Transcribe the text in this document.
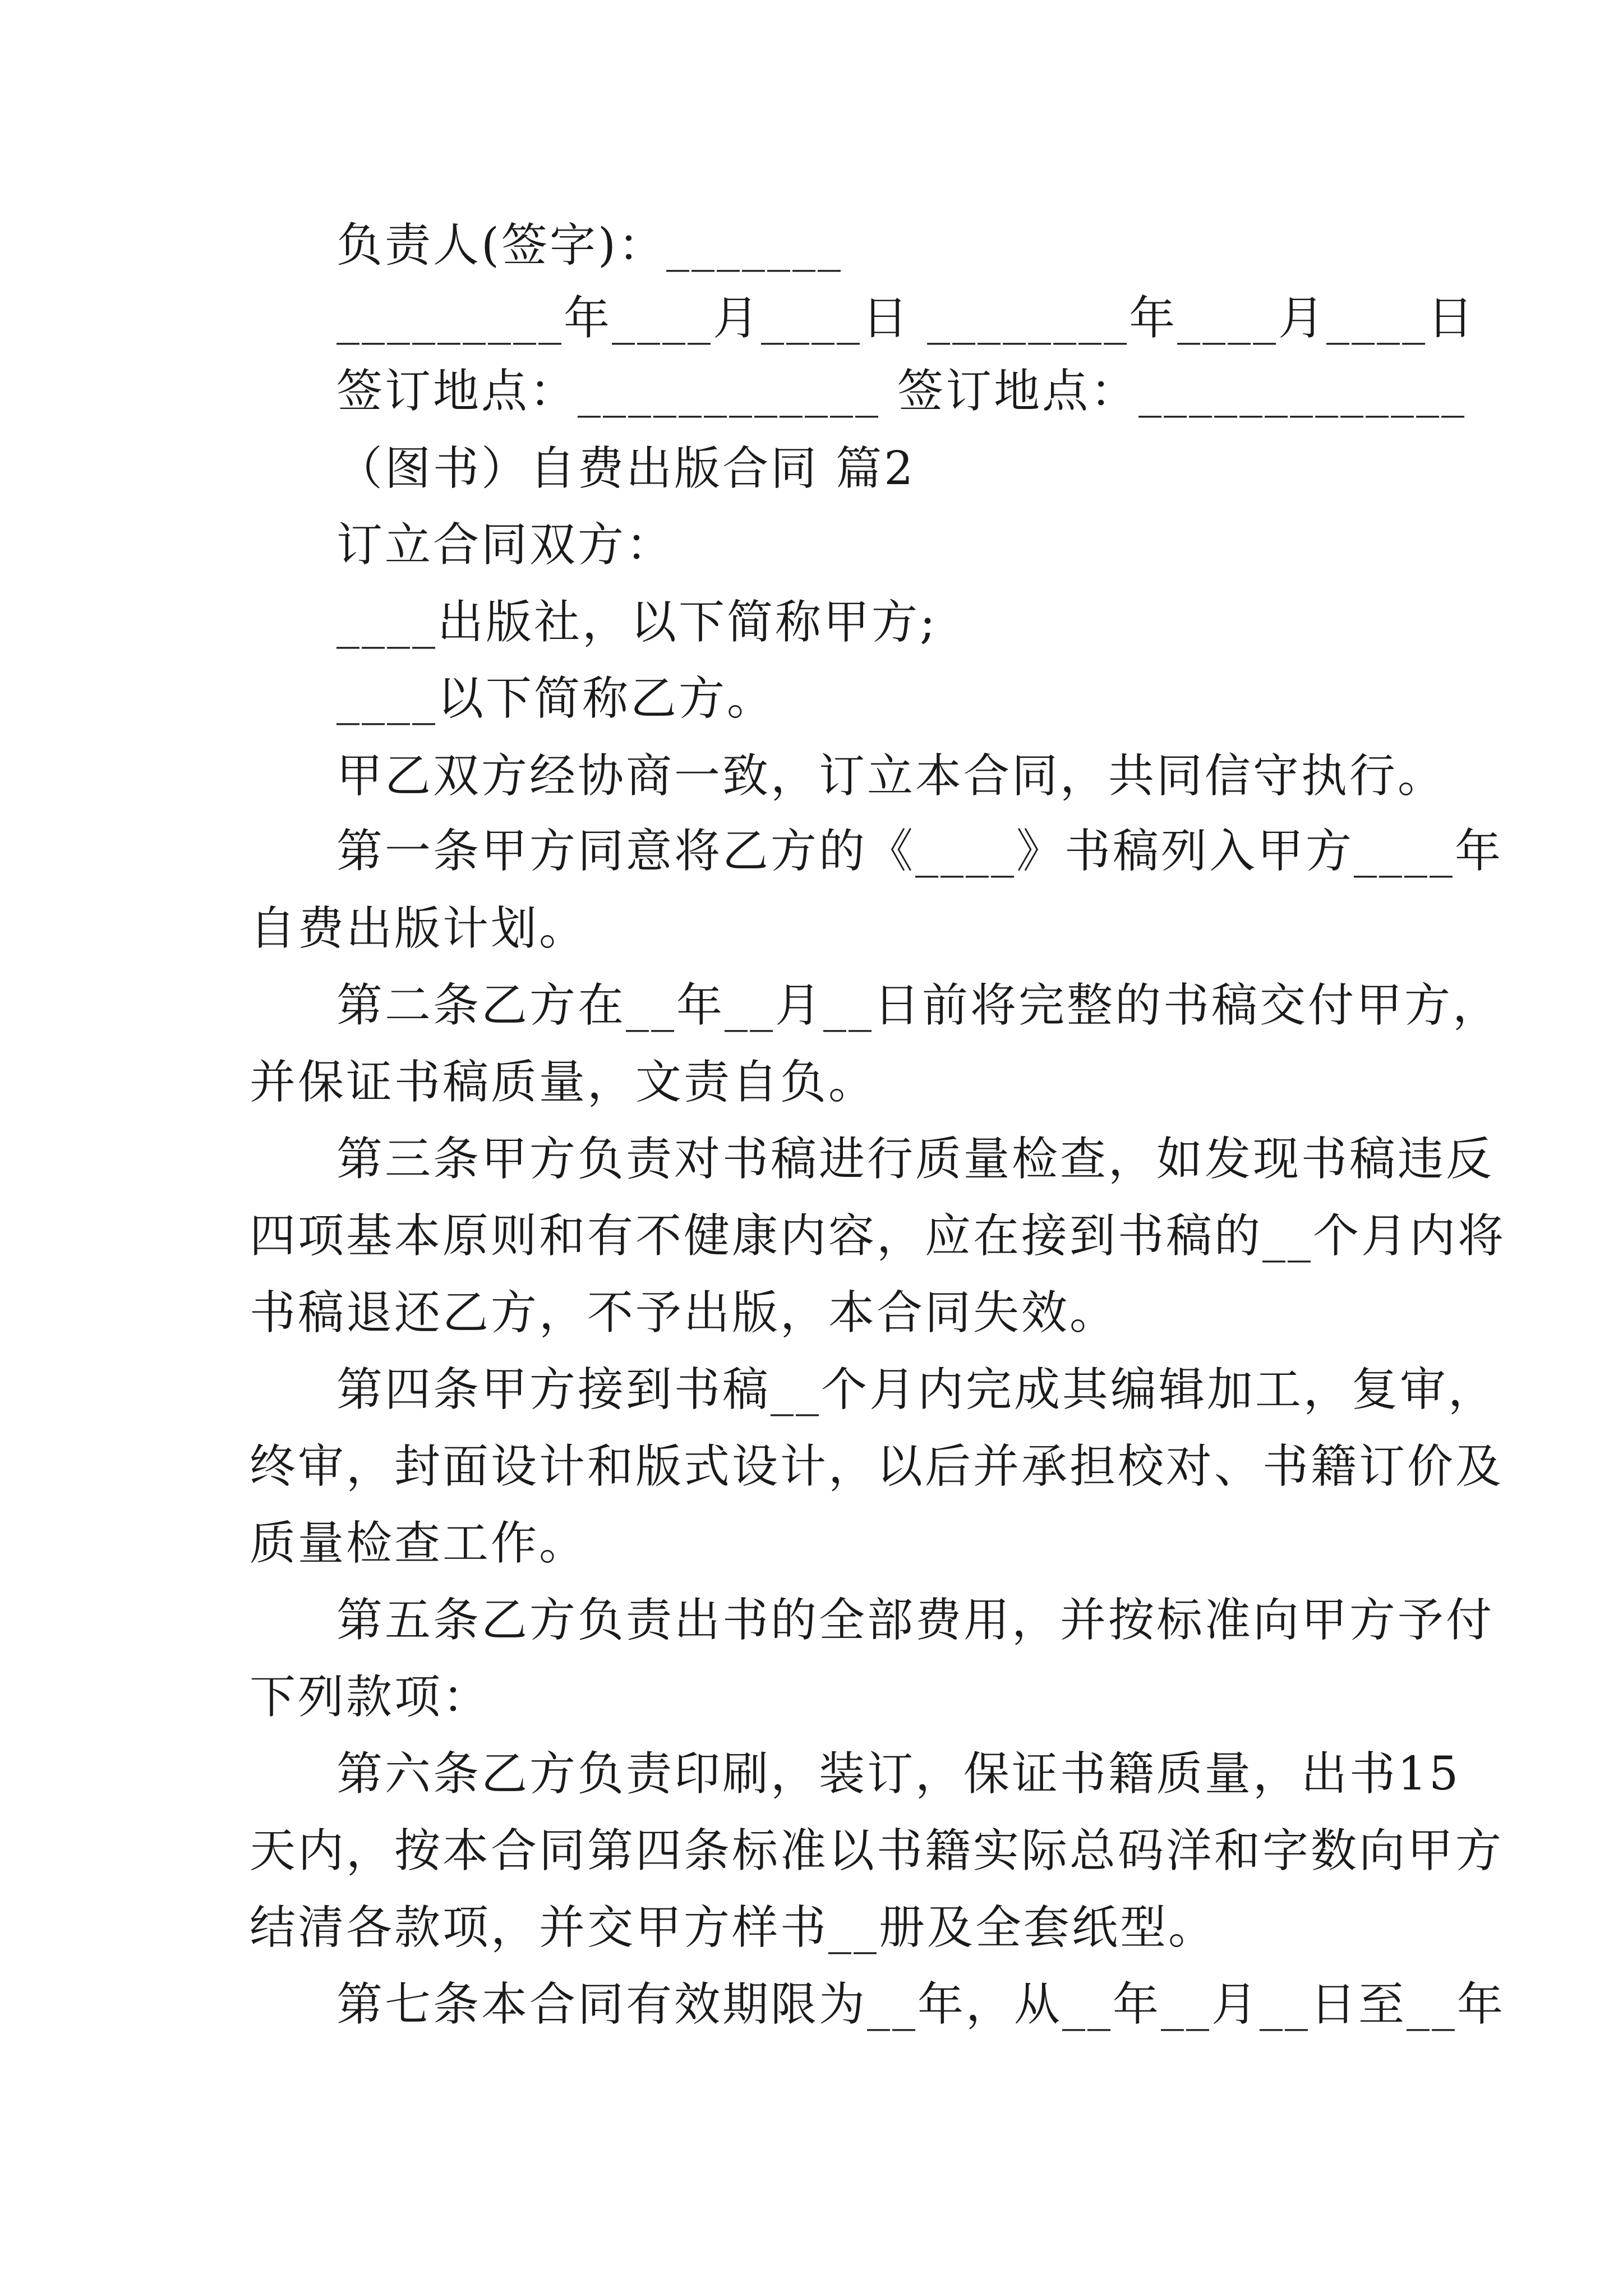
负责人(签字)：_______
_________年____月____日 ________年____月____日
签订地点：____________ 签订地点：_____________
（图书）自费出版合同 篇2
订立合同双方：
____出版社，以下简称甲方;
____以下简称乙方。
甲乙双方经协商一致，订立本合同，共同信守执行。
第一条甲方同意将乙方的《____》书稿列入甲方____年
自费出版计划。
第二条乙方在__年__月__日前将完整的书稿交付甲方，
并保证书稿质量，文责自负。
第三条甲方负责对书稿进行质量检查，如发现书稿违反
四项基本原则和有不健康内容，应在接到书稿的__个月内将
书稿退还乙方，不予出版，本合同失效。
第四条甲方接到书稿__个月内完成其编辑加工，复审，
终审，封面设计和版式设计，以后并承担校对、书籍订价及
质量检查工作。
第五条乙方负责出书的全部费用，并按标准向甲方予付
下列款项：
第六条乙方负责印刷，装订，保证书籍质量，出书15
天内，按本合同第四条标准以书籍实际总码洋和字数向甲方
结清各款项，并交甲方样书__册及全套纸型。
第七条本合同有效期限为__年，从__年__月__日至__年
